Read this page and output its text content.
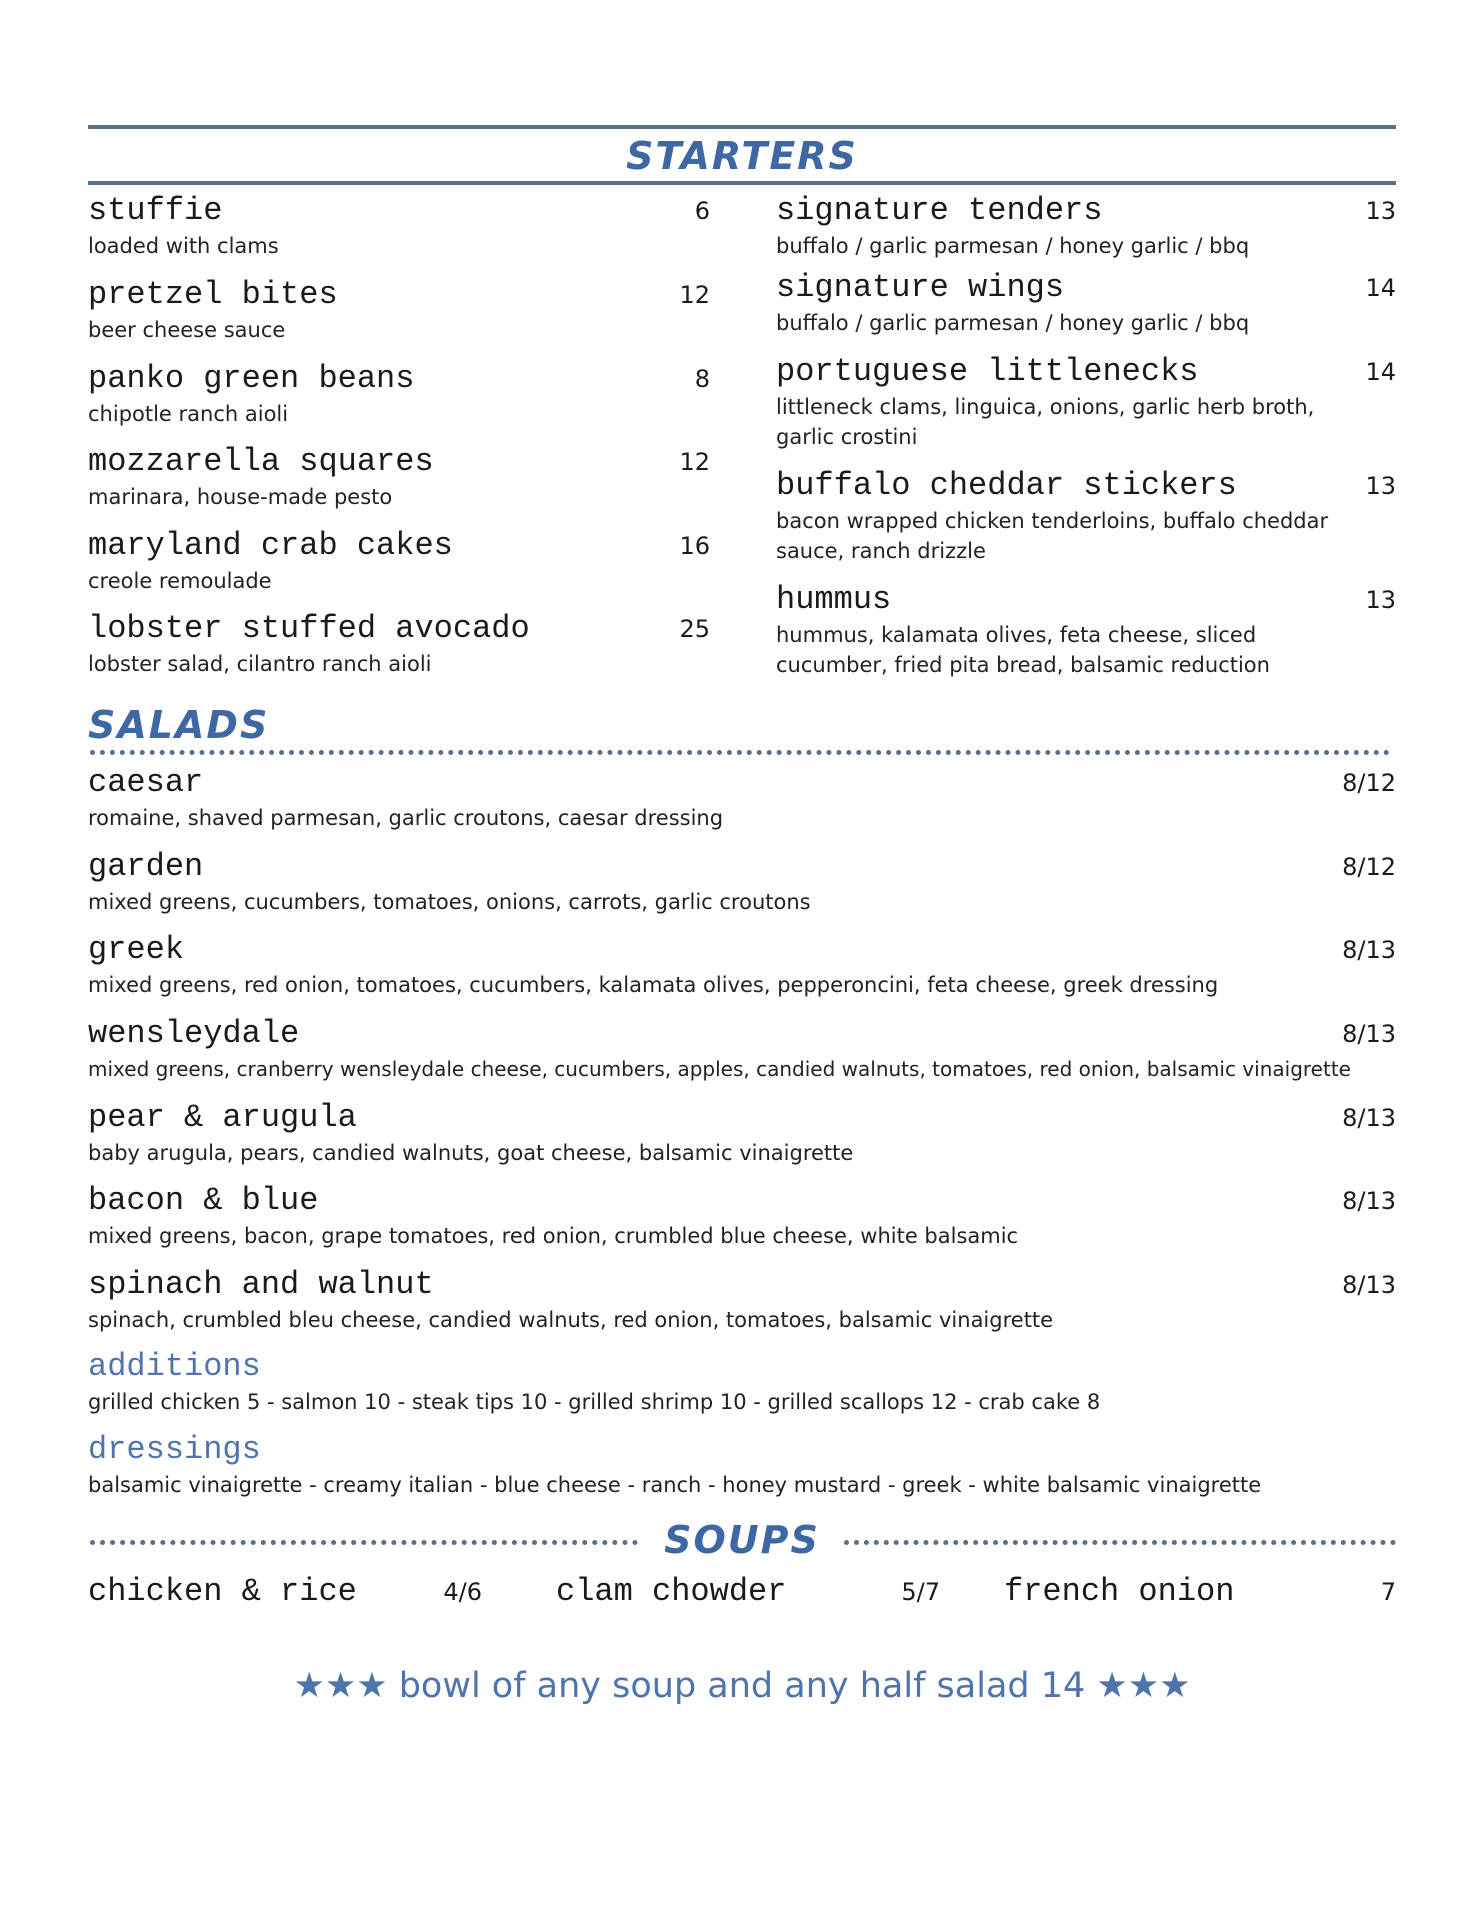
STARTERS
stuffie	6
loaded with clams
pretzel bites	12
beer cheese sauce
panko green beans	8
chipotle ranch aioli
mozzarella squares	12
marinara, house-made pesto
maryland crab cakes	16
creole remoulade
lobster stuffed avocado	25
lobster salad, cilantro ranch aioli
signature tenders	13
buffalo / garlic parmesan / honey garlic / bbq
signature wings	14
buffalo / garlic parmesan / honey garlic / bbq
portuguese littlenecks	14
littleneck clams, linguica, onions, garlic herb broth, garlic crostini
buffalo cheddar stickers	13
bacon wrapped chicken tenderloins, buffalo cheddar sauce, ranch drizzle
hummus	13
hummus, kalamata olives, feta cheese, sliced cucumber, fried pita bread, balsamic reduction
SALADS
caesar	8/12
romaine, shaved parmesan, garlic croutons, caesar dressing
garden	8/12
mixed greens, cucumbers, tomatoes, onions, carrots, garlic croutons
greek	8/13
mixed greens, red onion, tomatoes, cucumbers, kalamata olives, pepperoncini, feta cheese, greek dressing
wensleydale	8/13
mixed greens, cranberry wensleydale cheese, cucumbers, apples, candied walnuts, tomatoes, red onion, balsamic vinaigrette
pear & arugula	8/13
baby arugula, pears, candied walnuts, goat cheese, balsamic vinaigrette
bacon & blue	8/13
mixed greens, bacon, grape tomatoes, red onion, crumbled blue cheese, white balsamic
spinach and walnut	8/13
spinach, crumbled bleu cheese, candied walnuts, red onion, tomatoes, balsamic vinaigrette
additions
grilled chicken 5 - salmon 10 - steak tips 10 - grilled shrimp 10 - grilled scallops 12 - crab cake 8
dressings
balsamic vinaigrette - creamy italian - blue cheese - ranch - honey mustard - greek - white balsamic vinaigrette
SOUPS
chicken & rice	4/6 clam chowder	5/7 french onion	7
★★★ bowl of any soup and any half salad 14 ★★★
